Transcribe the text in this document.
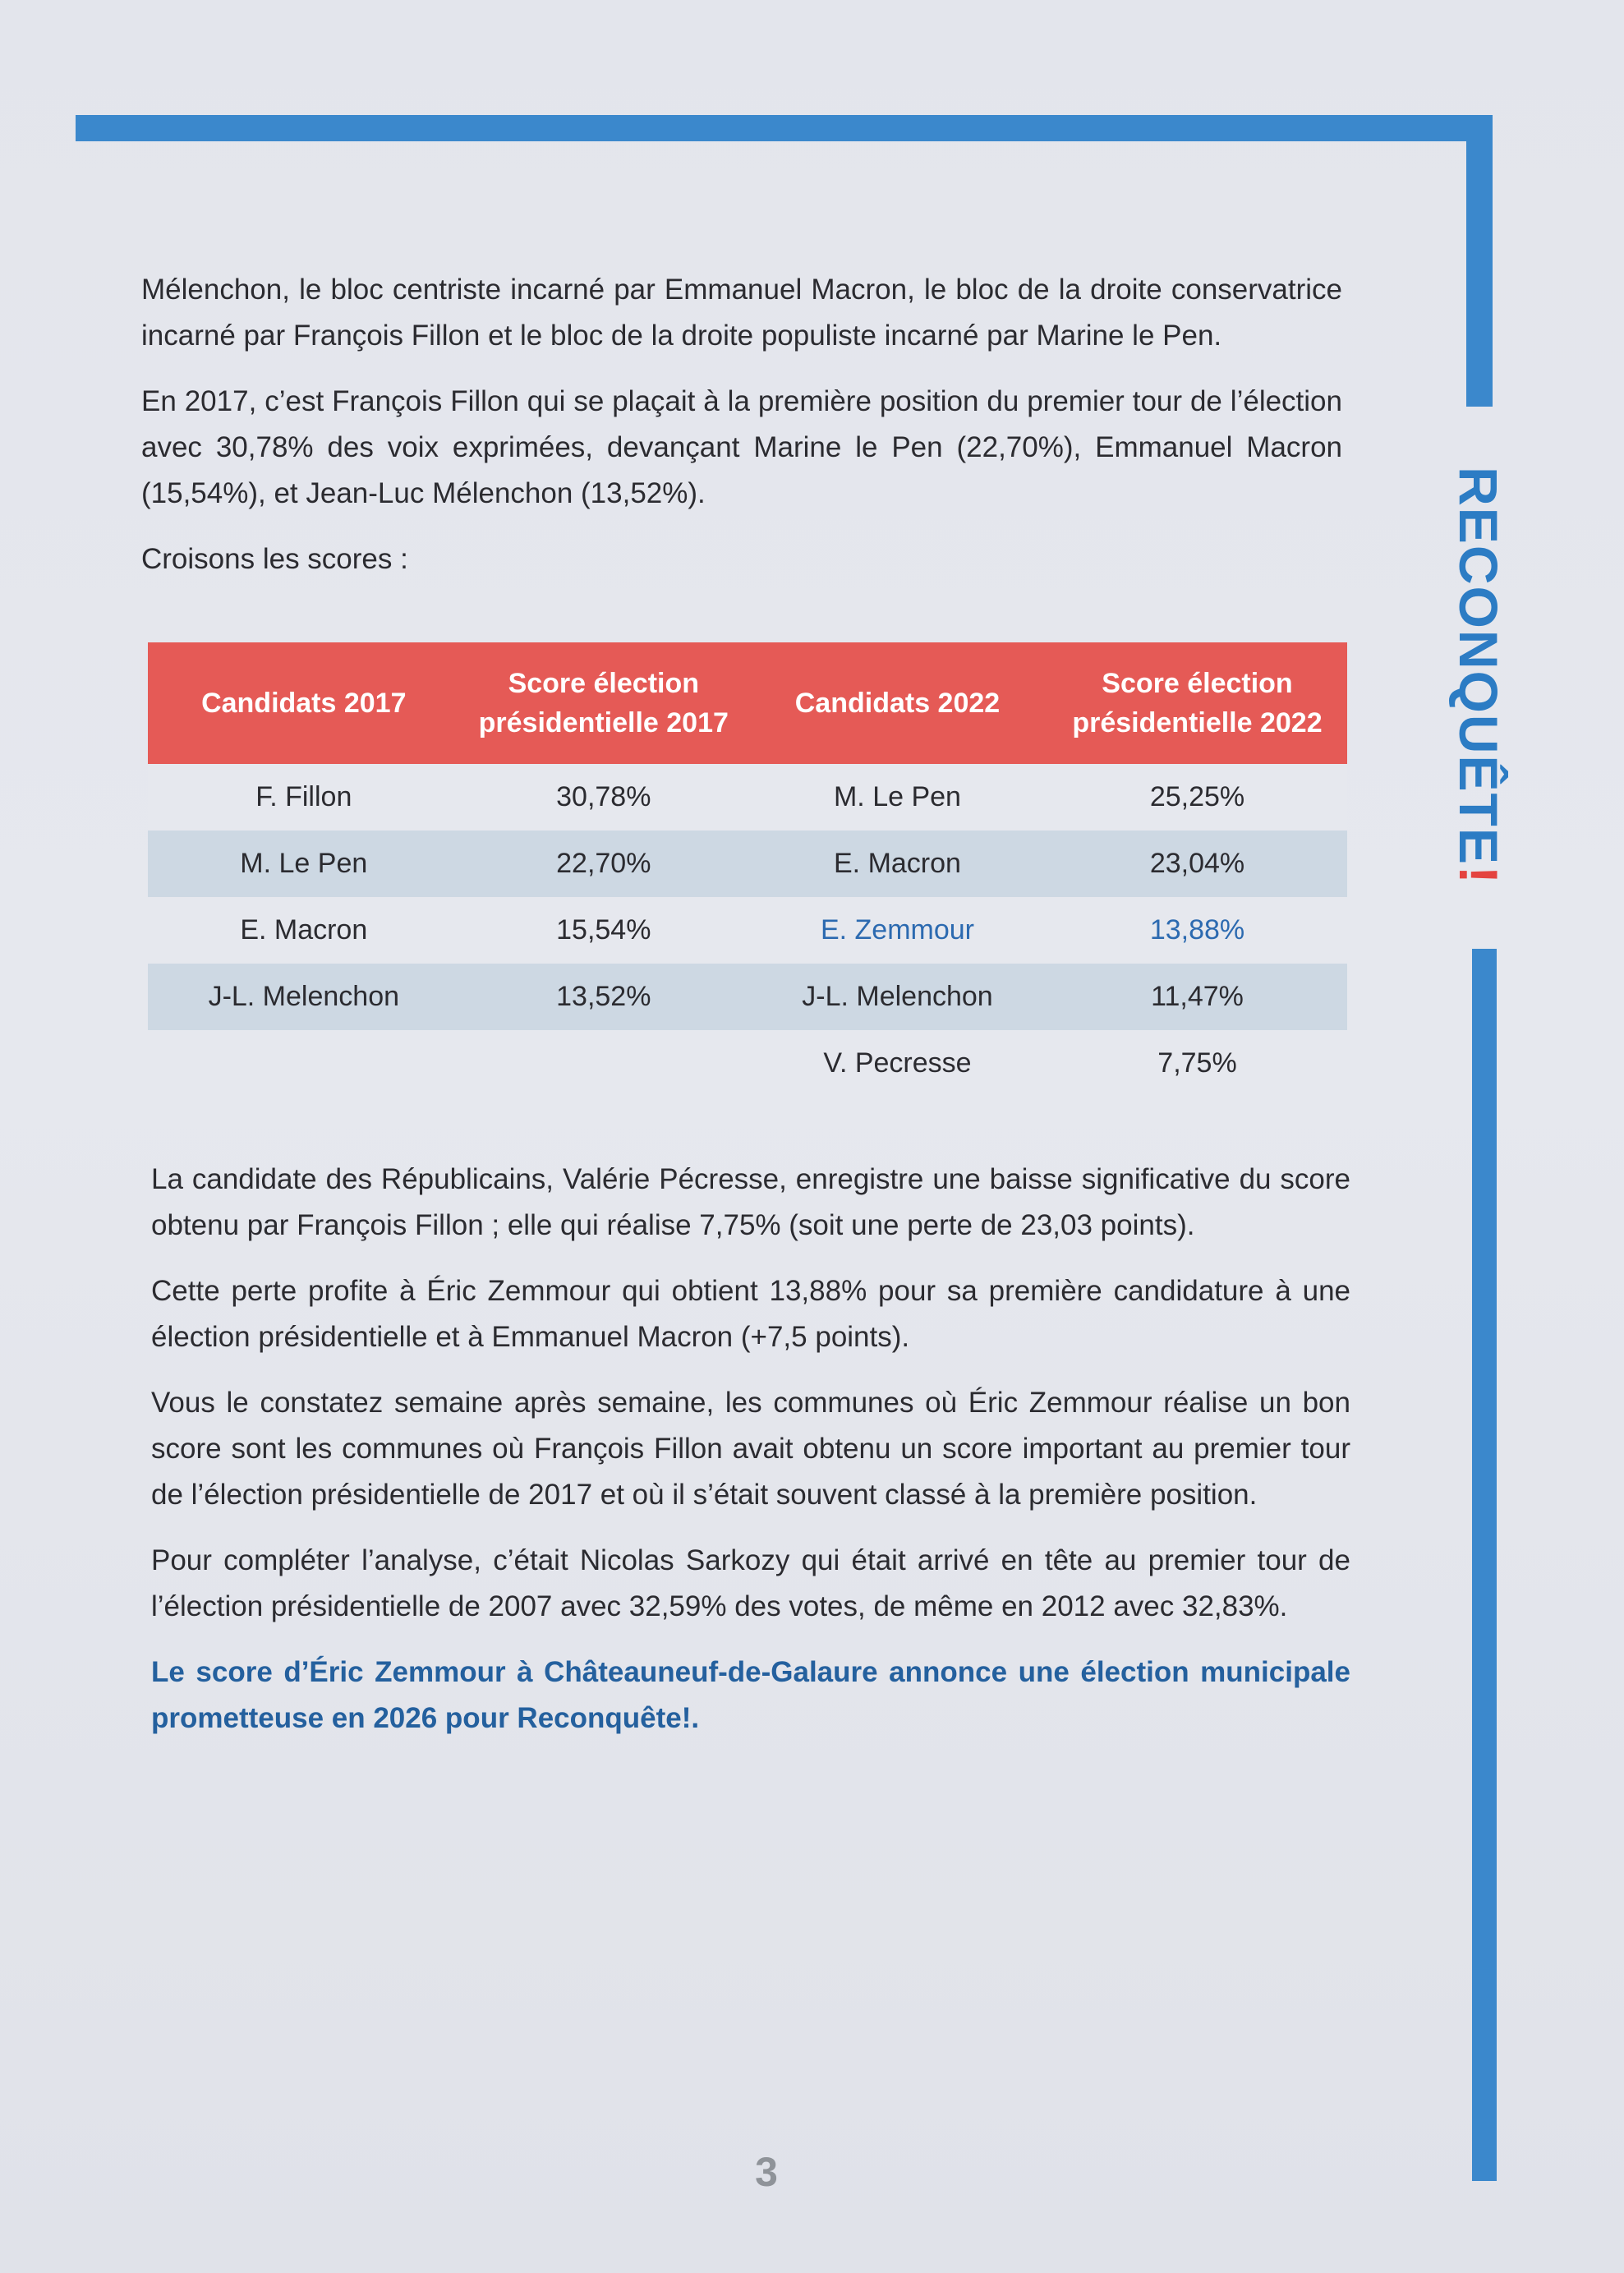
RECONQUÊTE!

Mélenchon, le bloc centriste incarné par Emmanuel Macron, le bloc de la droite conservatrice incarné par François Fillon et le bloc de la droite populiste incarné par Marine le Pen.

En 2017, c’est François Fillon qui se plaçait à la première position du premier tour de l’élection avec 30,78% des voix exprimées, devançant Marine le Pen (22,70%), Emmanuel Macron (15,54%), et Jean-Luc Mélenchon (13,52%).

Croisons les scores :

Candidats 2017	Score élection présidentielle 2017	Candidats 2022	Score élection présidentielle 2022
F. Fillon	30,78%	M. Le Pen	25,25%
M. Le Pen	22,70%	E. Macron	23,04%
E. Macron	15,54%	E. Zemmour	13,88%
J-L. Melenchon	13,52%	J-L. Melenchon	11,47%
		V. Pecresse	7,75%

La candidate des Républicains, Valérie Pécresse, enregistre une baisse significative du score obtenu par François Fillon ; elle qui réalise 7,75% (soit une perte de 23,03 points).

Cette perte profite à Éric Zemmour qui obtient 13,88% pour sa première candidature à une élection présidentielle et à Emmanuel Macron (+7,5 points).

Vous le constatez semaine après semaine, les communes où Éric Zemmour réalise un bon score sont les communes où François Fillon avait obtenu un score important au premier tour de l’élection présidentielle de 2017 et où il s’était souvent classé à la première position.

Pour compléter l’analyse, c’était Nicolas Sarkozy qui était arrivé en tête au premier tour de l’élection présidentielle de 2007 avec 32,59% des votes, de même en 2012 avec 32,83%.

Le score d’Éric Zemmour à Châteauneuf-de-Galaure annonce une élection municipale prometteuse en 2026 pour Reconquête!.

3
